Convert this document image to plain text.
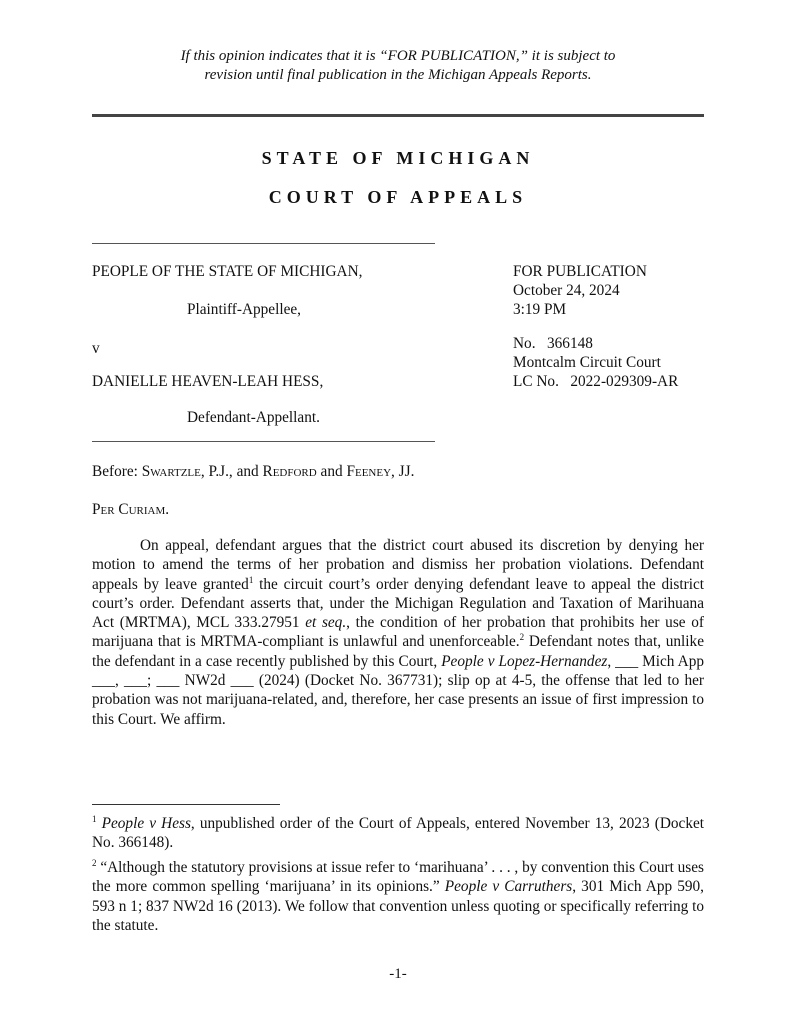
If this opinion indicates that it is “FOR PUBLICATION,” it is subject to
revision until final publication in the Michigan Appeals Reports.
STATE OF MICHIGAN
COURT OF APPEALS
PEOPLE OF THE STATE OF MICHIGAN,
Plaintiff-Appellee,
v
DANIELLE HEAVEN-LEAH HESS,
Defendant-Appellant.
FOR PUBLICATION
October 24, 2024
3:19 PM
No.   366148
Montcalm Circuit Court
LC No.   2022-029309-AR
Before: Swartzle, P.J., and Redford and Feeney, JJ.
Per Curiam.
On appeal, defendant argues that the district court abused its discretion by denying her motion to amend the terms of her probation and dismiss her probation violations. Defendant appeals by leave granted$^1$ the circuit court’s order denying defendant leave to appeal the district court’s order. Defendant asserts that, under the Michigan Regulation and Taxation of Marihuana Act (MRTMA), MCL 333.27951 et seq., the condition of her probation that prohibits her use of marijuana that is MRTMA-compliant is unlawful and unenforceable.$^2$ Defendant notes that, unlike the defendant in a case recently published by this Court, People v Lopez-Hernandez, ___ Mich App ___, ___; ___ NW2d ___ (2024) (Docket No. 367731); slip op at 4-5, the offense that led to her probation was not marijuana-related, and, therefore, her case presents an issue of first impression to this Court. We affirm.
$^1$ People v Hess, unpublished order of the Court of Appeals, entered November 13, 2023 (Docket No. 366148).
$^2$ “Although the statutory provisions at issue refer to ‘marihuana’ . . . , by convention this Court uses the more common spelling ‘marijuana’ in its opinions.” People v Carruthers, 301 Mich App 590, 593 n 1; 837 NW2d 16 (2013). We follow that convention unless quoting or specifically referring to the statute.
-1-
